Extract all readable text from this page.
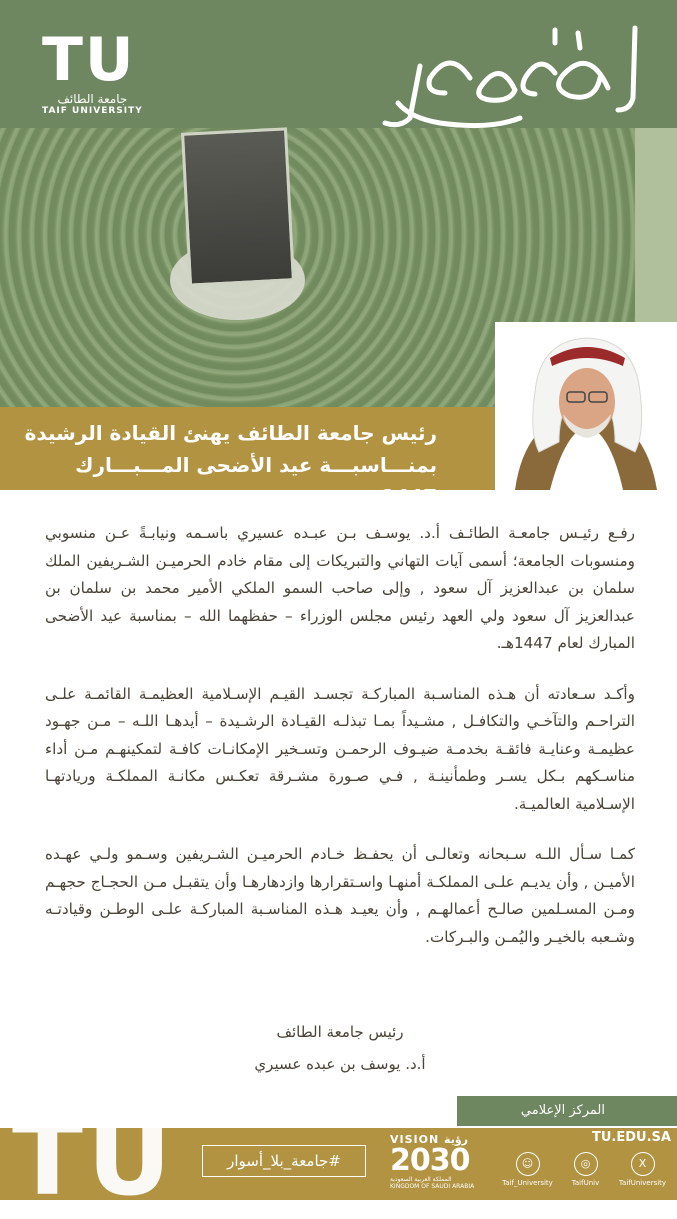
TU
جامعة الطائف
TAIF UNIVERSITY
أضحى مبارك
رئيس جامعة الطائف يهنئ القيادة الرشيدة
بمنـــاسبـــة عيد الأضحى المـــبـــارك 1447هـ

رفـع رئيـس جامعـة الطائـف أ.د. يوسـف بـن عبـده عسيري باسـمه ونيابـةً عـن منسوبي ومنسوبات الجامعة؛ أسمى آيات التهاني والتبريكات إلى مقام خادم الحرميـن الشـريفين الملك سلمان بن عبدالعزيز آل سعود , وإلى صاحب السمو الملكي الأمير محمد بن سلمان بن عبدالعزيز آل سعود ولي العهد رئيس مجلس الوزراء – حفظهما الله – بمناسبة عيد الأضحى المبارك لعام 1447هـ.

وأكـد سـعادته أن هـذه المناسـبة المباركـة تجسـد القيـم الإسـلامية العظيمـة القائمـة علـى التراحـم والتآخـي والتكافـل , مشـيداً بمـا تبذلـه القيـادة الرشـيدة – أيدهـا اللـه – مـن جهـود عظيمـة وعنايـة فائقـة بخدمـة ضيـوف الرحمـن وتسـخير الإمكانـات كافـة لتمكينهـم مـن أداء مناسـكهم بـكل يسـر وطمأنينـة , فـي صـورة مشـرقة تعكـس مكانـة المملكـة وريادتهـا الإسـلامية العالميـة.

كمـا سـأل اللـه سـبحانه وتعالـى أن يحفـظ خـادم الحرميـن الشـريفين وسـمو ولـي عهـده الأميـن , وأن يديـم علـى المملكـة أمنهـا واسـتقرارها وازدهارهـا وأن يتقبـل مـن الحجـاج حجهـم ومـن المسـلمين صالـح أعمالهـم , وأن يعيـد هـذه المناسـبة المباركـة علـى الوطـن وقيادتـه وشـعبه بالخيـر واليُمـن والبـركات.

رئيس جامعة الطائف
أ.د. يوسف بن عبده عسيري
المركز الإعلامي
TU	#جامعة_بلا_أسوار
VISION رؤية
2030
المملكة العربية السعودية
KINGDOM OF SAUDI ARABIA
TU.EDU.SA
X
TaifUniversity
◎
TaifUniv
☺
Taif_University
